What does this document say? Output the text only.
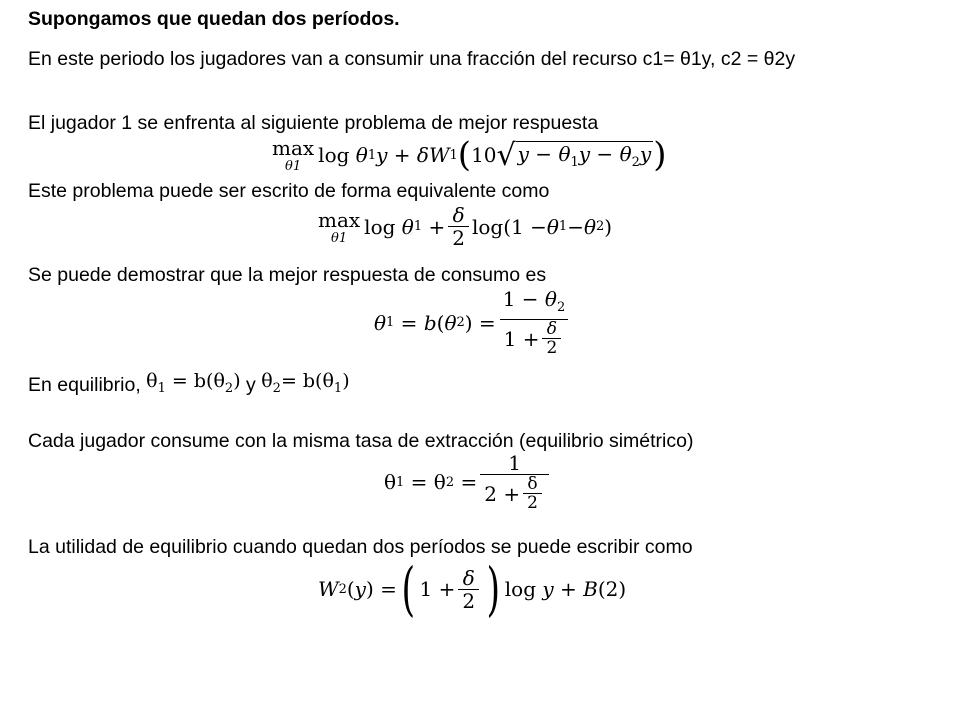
Supongamos que quedan dos períodos.
En este periodo los jugadores van a consumir una fracción del recurso c1= θ1y, c2 = θ2y
El jugador 1 se enfrenta al siguiente problema de mejor respuesta
max
θ1 log
θ 1 y + δ W 1 ( 10 √ $y - \theta_1y - \theta_2y$ )
Este problema puede ser escrito de forma equivalente como
max
θ1 log
θ $1 + \frac{\delta}{2}$ log (1 − θ 1 − θ 2 )
Se puede demostrar que la mejor respuesta de consumo es
θ 1 = b ( θ 2 ) = $\frac{1 - \theta_2}{1 + \frac{\delta}{2}}$
En equilibrio,
$\theta_1 = b(\theta_2)$
y
$\theta_2= b(\theta_1)$
Cada jugador consume con la misma tasa de extracción (equilibrio simétrico)
θ 1 = θ $2 = \frac{1}{2 + \frac{\delta}{2}}$
La utilidad de equilibrio cuando quedan dos períodos se puede escribir como
W 2 ( y ) = ( $1 + \frac{\delta}{2}$ ) log
y + B (2)
